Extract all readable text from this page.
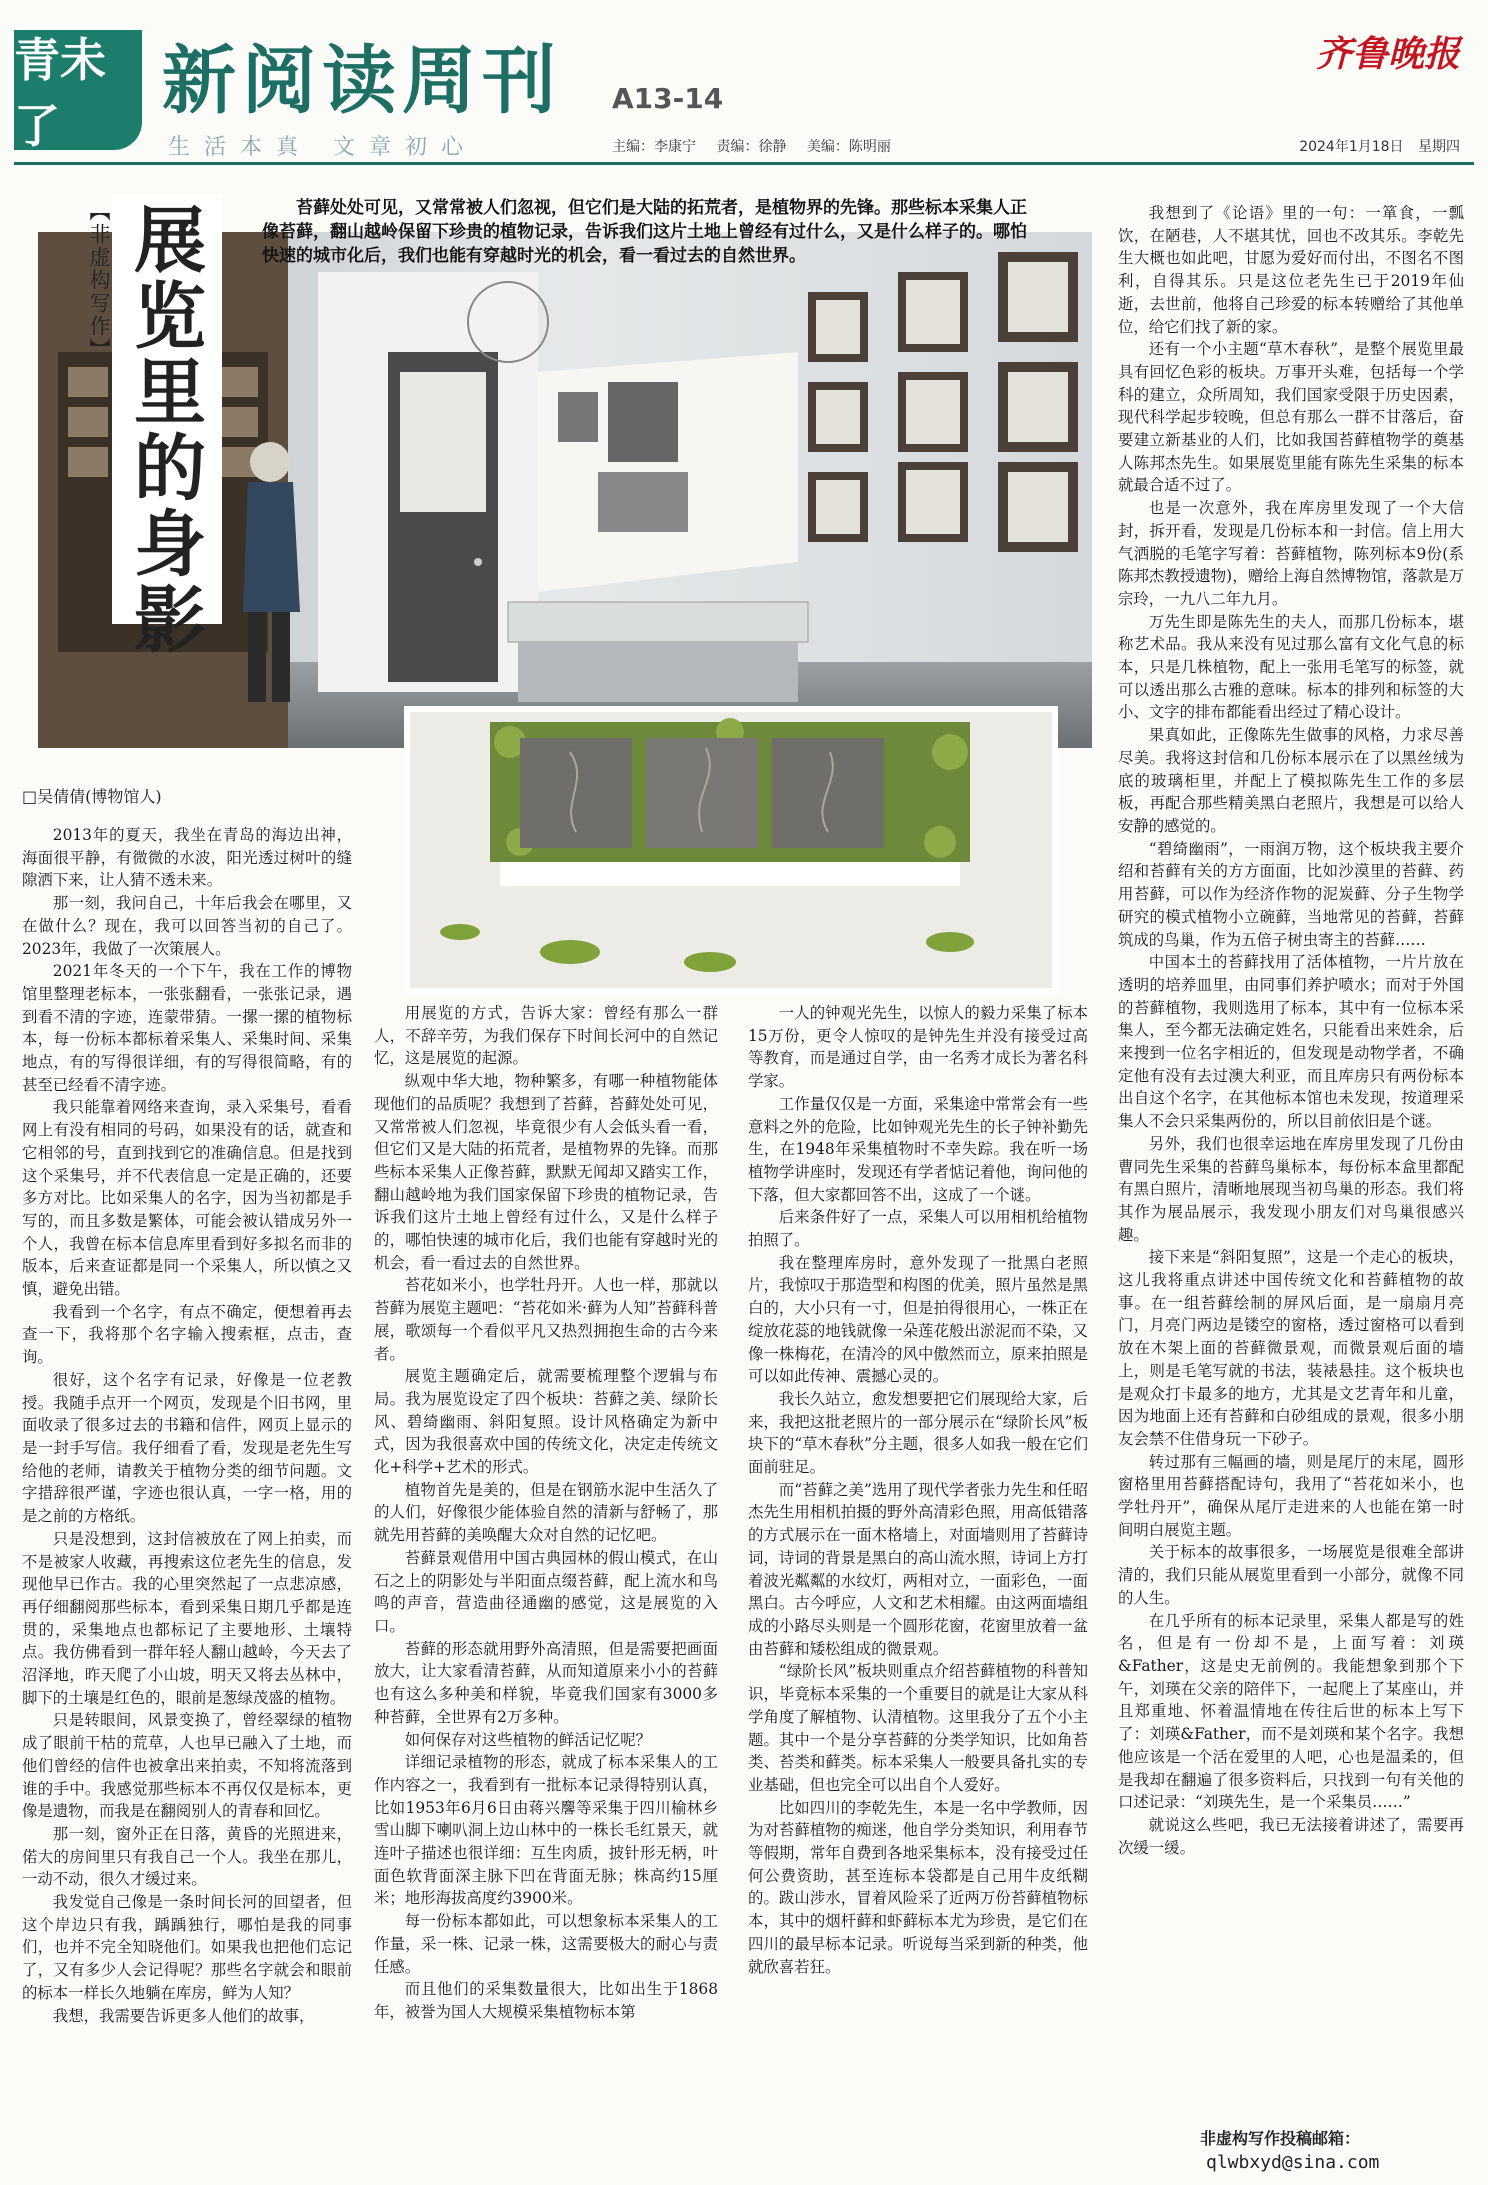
青未了
新阅读周刊 A13-14
齐鲁晚报
生活本真 文章初心	主编：李康宁 责编：徐静 美编：陈明丽	2024年1月18日 星期四
【非虚构写作】 展览里的身影	苔藓处处可见，又常常被人们忽视，但它们是大陆的拓荒者，是植物界的先锋。那些标本采集人正像苔藓，翻山越岭保留下珍贵的植物记录，告诉我们这片土地上曾经有过什么，又是什么样子的。哪怕快速的城市化后，我们也能有穿越时光的机会，看一看过去的自然世界。
□吴倩倩(博物馆人)

2013年的夏天，我坐在青岛的海边出神，海面很平静，有微微的水波，阳光透过树叶的缝隙洒下来，让人猜不透未来。

那一刻，我问自己，十年后我会在哪里，又在做什么？现在，我可以回答当初的自己了。2023年，我做了一次策展人。

2021年冬天的一个下午，我在工作的博物馆里整理老标本，一张张翻看，一张张记录，遇到看不清的字迹，连蒙带猜。一摞一摞的植物标本，每一份标本都标着采集人、采集时间、采集地点，有的写得很详细，有的写得很简略，有的甚至已经看不清字迹。

我只能靠着网络来查询，录入采集号，看看网上有没有相同的号码，如果没有的话，就查和它相邻的号，直到找到它的准确信息。但是找到这个采集号，并不代表信息一定是正确的，还要多方对比。比如采集人的名字，因为当初都是手写的，而且多数是繁体，可能会被认错成另外一个人，我曾在标本信息库里看到好多拟名而非的版本，后来查证都是同一个采集人，所以慎之又慎，避免出错。

我看到一个名字，有点不确定，便想着再去查一下，我将那个名字输入搜索框，点击，查询。

很好，这个名字有记录，好像是一位老教授。我随手点开一个网页，发现是个旧书网，里面收录了很多过去的书籍和信件，网页上显示的是一封手写信。我仔细看了看，发现是老先生写给他的老师，请教关于植物分类的细节问题。文字措辞很严谨，字迹也很认真，一字一格，用的是之前的方格纸。

只是没想到，这封信被放在了网上拍卖，而不是被家人收藏，再搜索这位老先生的信息，发现他早已作古。我的心里突然起了一点悲凉感，再仔细翻阅那些标本，看到采集日期几乎都是连贯的，采集地点也都标记了主要地形、土壤特点。我仿佛看到一群年轻人翻山越岭，今天去了沼泽地，昨天爬了小山坡，明天又将去丛林中，脚下的土壤是红色的，眼前是葱绿茂盛的植物。

只是转眼间，风景变换了，曾经翠绿的植物成了眼前干枯的荒草，人也早已融入了土地，而他们曾经的信件也被拿出来拍卖，不知将流落到谁的手中。我感觉那些标本不再仅仅是标本，更像是遗物，而我是在翻阅别人的青春和回忆。

那一刻，窗外正在日落，黄昏的光照进来，偌大的房间里只有我自己一个人。我坐在那儿，一动不动，很久才缓过来。

我发觉自己像是一条时间长河的回望者，但这个岸边只有我，踽踽独行，哪怕是我的同事们，也并不完全知晓他们。如果我也把他们忘记了，又有多少人会记得呢？那些名字就会和眼前的标本一样长久地躺在库房，鲜为人知？

我想，我需要告诉更多人他们的故事，

用展览的方式，告诉大家：曾经有那么一群人，不辞辛劳，为我们保存下时间长河中的自然记忆，这是展览的起源。

纵观中华大地，物种繁多，有哪一种植物能体现他们的品质呢？我想到了苔藓，苔藓处处可见，又常常被人们忽视，毕竟很少有人会低头看一看，但它们又是大陆的拓荒者，是植物界的先锋。而那些标本采集人正像苔藓，默默无闻却又踏实工作，翻山越岭地为我们国家保留下珍贵的植物记录，告诉我们这片土地上曾经有过什么，又是什么样子的，哪怕快速的城市化后，我们也能有穿越时光的机会，看一看过去的自然世界。

苔花如米小，也学牡丹开。人也一样，那就以苔藓为展览主题吧：“苔花如米·藓为人知”苔藓科普展，歌颂每一个看似平凡又热烈拥抱生命的古今来者。

展览主题确定后，就需要梳理整个逻辑与布局。我为展览设定了四个板块：苔藓之美、绿阶长风、碧绮幽雨、斜阳复照。设计风格确定为新中式，因为我很喜欢中国的传统文化，决定走传统文化+科学+艺术的形式。

植物首先是美的，但是在钢筋水泥中生活久了的人们，好像很少能体验自然的清新与舒畅了，那就先用苔藓的美唤醒大众对自然的记忆吧。

苔藓景观借用中国古典园林的假山模式，在山石之上的阴影处与半阳面点缀苔藓，配上流水和鸟鸣的声音，营造曲径通幽的感觉，这是展览的入口。

苔藓的形态就用野外高清照，但是需要把画面放大，让大家看清苔藓，从而知道原来小小的苔藓也有这么多种美和样貌，毕竟我们国家有3000多种苔藓，全世界有2万多种。

如何保存对这些植物的鲜活记忆呢？

详细记录植物的形态，就成了标本采集人的工作内容之一，我看到有一批标本记录得特别认真，比如1953年6月6日由蒋兴麐等采集于四川榆林乡雪山脚下喇叭洞上边山林中的一株长毛红景天，就连叶子描述也很详细：互生肉质，披针形无柄，叶面色软背面深主脉下凹在背面无脉；株高约15厘米；地形海拔高度约3900米。

每一份标本都如此，可以想象标本采集人的工作量，采一株、记录一株，这需要极大的耐心与责任感。

而且他们的采集数量很大，比如出生于1868年，被誉为国人大规模采集植物标本第

一人的钟观光先生，以惊人的毅力采集了标本15万份，更令人惊叹的是钟先生并没有接受过高等教育，而是通过自学，由一名秀才成长为著名科学家。

工作量仅仅是一方面，采集途中常常会有一些意料之外的危险，比如钟观光先生的长子钟补勤先生，在1948年采集植物时不幸失踪。我在听一场植物学讲座时，发现还有学者惦记着他，询问他的下落，但大家都回答不出，这成了一个谜。

后来条件好了一点，采集人可以用相机给植物拍照了。

我在整理库房时，意外发现了一批黑白老照片，我惊叹于那造型和构图的优美，照片虽然是黑白的，大小只有一寸，但是拍得很用心，一株正在绽放花蕊的地钱就像一朵莲花般出淤泥而不染，又像一株梅花，在清冷的风中傲然而立，原来拍照是可以如此传神、震撼心灵的。

我长久站立，愈发想要把它们展现给大家，后来，我把这批老照片的一部分展示在“绿阶长风”板块下的“草木春秋”分主题，很多人如我一般在它们面前驻足。

而“苔藓之美”选用了现代学者张力先生和任昭杰先生用相机拍摄的野外高清彩色照，用高低错落的方式展示在一面木格墙上，对面墙则用了苔藓诗词，诗词的背景是黑白的高山流水照，诗词上方打着波光粼粼的水纹灯，两相对立，一面彩色，一面黑白。古今呼应，人文和艺术相耀。由这两面墙组成的小路尽头则是一个圆形花窗，花窗里放着一盆由苔藓和矮松组成的微景观。

“绿阶长风”板块则重点介绍苔藓植物的科普知识，毕竟标本采集的一个重要目的就是让大家从科学角度了解植物、认清植物。这里我分了五个小主题。其中一个是分享苔藓的分类学知识，比如角苔类、苔类和藓类。标本采集人一般要具备扎实的专业基础，但也完全可以出自个人爱好。

比如四川的李乾先生，本是一名中学教师，因为对苔藓植物的痴迷，他自学分类知识，利用春节等假期，常年自费到各地采集标本，没有接受过任何公费资助，甚至连标本袋都是自己用牛皮纸糊的。跋山涉水，冒着风险采了近两万份苔藓植物标本，其中的烟杆藓和虾藓标本尤为珍贵，是它们在四川的最早标本记录。听说每当采到新的种类，他就欣喜若狂。

我想到了《论语》里的一句：一箪食，一瓢饮，在陋巷，人不堪其忧，回也不改其乐。李乾先生大概也如此吧，甘愿为爱好而付出，不图名不图利，自得其乐。只是这位老先生已于2019年仙逝，去世前，他将自己珍爱的标本转赠给了其他单位，给它们找了新的家。

还有一个小主题“草木春秋”，是整个展览里最具有回忆色彩的板块。万事开头难，包括每一个学科的建立，众所周知，我们国家受限于历史因素，现代科学起步较晚，但总有那么一群不甘落后，奋要建立新基业的人们，比如我国苔藓植物学的奠基人陈邦杰先生。如果展览里能有陈先生采集的标本就最合适不过了。

也是一次意外，我在库房里发现了一个大信封，拆开看，发现是几份标本和一封信。信上用大气洒脱的毛笔字写着：苔藓植物，陈列标本9份(系陈邦杰教授遗物)，赠给上海自然博物馆，落款是万宗玲，一九八二年九月。

万先生即是陈先生的夫人，而那几份标本，堪称艺术品。我从来没有见过那么富有文化气息的标本，只是几株植物，配上一张用毛笔写的标签，就可以透出那么古雅的意味。标本的排列和标签的大小、文字的排布都能看出经过了精心设计。

果真如此，正像陈先生做事的风格，力求尽善尽美。我将这封信和几份标本展示在了以黑丝绒为底的玻璃柜里，并配上了模拟陈先生工作的多层板，再配合那些精美黑白老照片，我想是可以给人安静的感觉的。

“碧绮幽雨”，一雨润万物，这个板块我主要介绍和苔藓有关的方方面面，比如沙漠里的苔藓、药用苔藓，可以作为经济作物的泥炭藓、分子生物学研究的模式植物小立碗藓，当地常见的苔藓，苔藓筑成的鸟巢，作为五倍子树虫寄主的苔藓……

中国本土的苔藓找用了活体植物，一片片放在透明的培养皿里，由同事们养护喷水；而对于外国的苔藓植物，我则选用了标本，其中有一位标本采集人，至今都无法确定姓名，只能看出来姓余，后来搜到一位名字相近的，但发现是动物学者，不确定他有没有去过澳大利亚，而且库房只有两份标本出自这个名字，在其他标本馆也未发现，按道理采集人不会只采集两份的，所以目前依旧是个谜。

另外，我们也很幸运地在库房里发现了几份由曹同先生采集的苔藓鸟巢标本，每份标本盒里都配有黑白照片，清晰地展现当初鸟巢的形态。我们将其作为展品展示，我发现小朋友们对鸟巢很感兴趣。

接下来是“斜阳复照”，这是一个走心的板块，这儿我将重点讲述中国传统文化和苔藓植物的故事。在一组苔藓绘制的屏风后面，是一扇扇月亮门，月亮门两边是镂空的窗格，透过窗格可以看到放在木架上面的苔藓微景观，而微景观后面的墙上，则是毛笔写就的书法，装裱悬挂。这个板块也是观众打卡最多的地方，尤其是文艺青年和儿童，因为地面上还有苔藓和白砂组成的景观，很多小朋友会禁不住借身玩一下砂子。

转过那有三幅画的墙，则是尾厅的末尾，圆形窗格里用苔藓搭配诗句，我用了“苔花如米小，也学牡丹开”，确保从尾厅走进来的人也能在第一时间明白展览主题。

关于标本的故事很多，一场展览是很难全部讲清的，我们只能从展览里看到一小部分，就像不同的人生。

在几乎所有的标本记录里，采集人都是写的姓名，但是有一份却不是，上面写着：刘瑛&Father，这是史无前例的。我能想象到那个下午，刘瑛在父亲的陪伴下，一起爬上了某座山，并且郑重地、怀着温情地在传往后世的标本上写下了：刘瑛&Father，而不是刘瑛和某个名字。我想他应该是一个活在爱里的人吧，心也是温柔的，但是我却在翻遍了很多资料后，只找到一句有关他的口述记录：“刘瑛先生，是一个采集员……”

就说这么些吧，我已无法接着讲述了，需要再次缓一缓。

非虚构写作投稿邮箱：
qlwbxyd@sina.com
